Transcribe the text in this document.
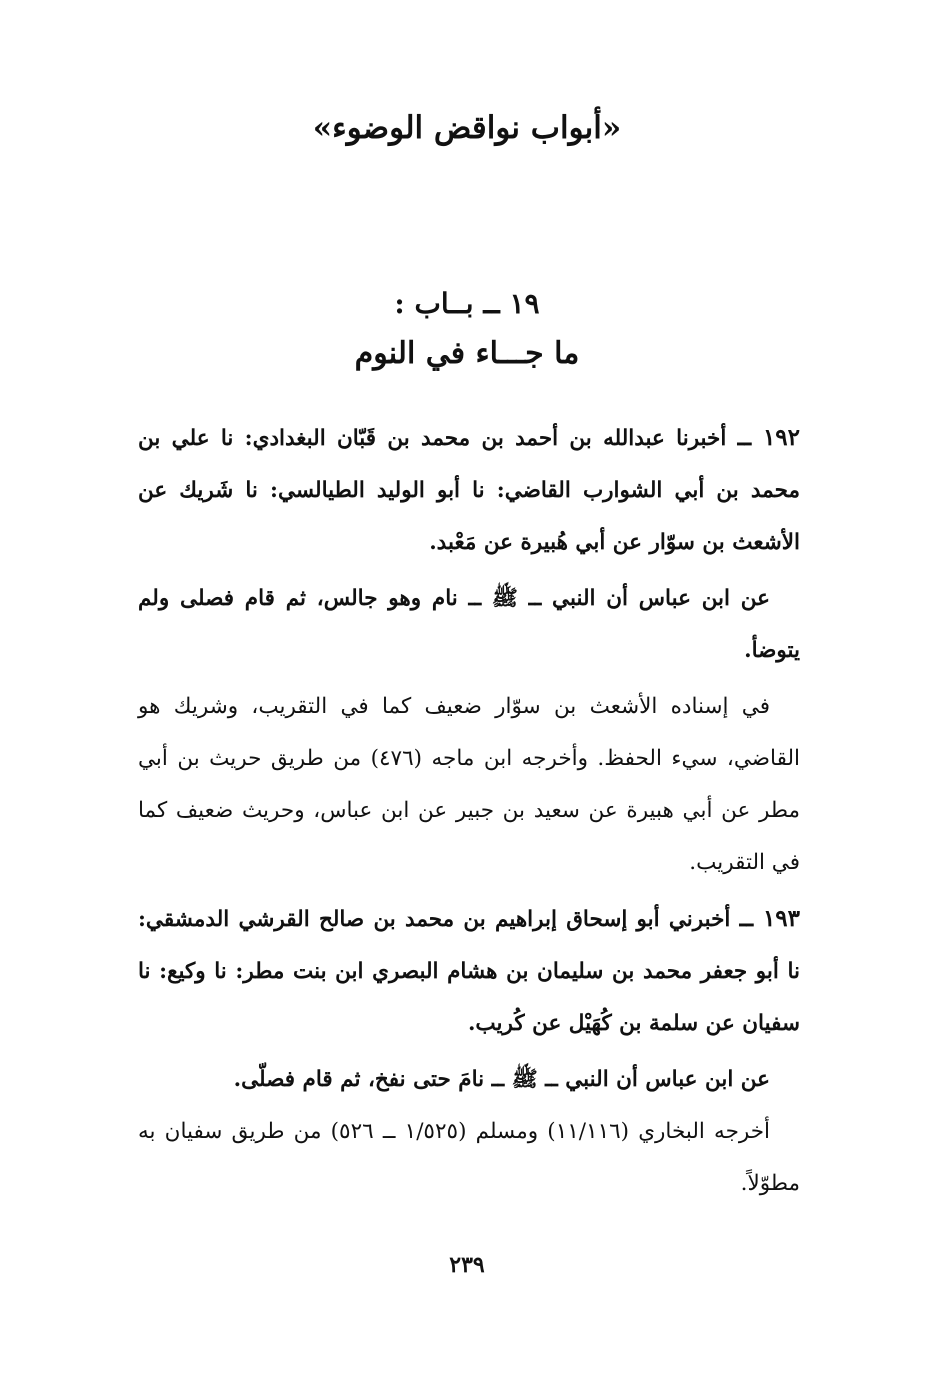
«أبواب نواقض الوضوء»
١٩ ــ بــاب :
ما جـــاء في النوم

١٩٢ ــ أخبرنا عبدالله بن أحمد بن محمد بن قَبّان البغدادي: نا علي بن محمد بن أبي الشوارب القاضي: نا أبو الوليد الطيالسي: نا شَريك عن الأشعث بن سوّار عن أبي هُبيرة عن مَعْبد.

عن ابن عباس أن النبي ــ ﷺ ــ نام وهو جالس، ثم قام فصلى ولم يتوضأ.

في إسناده الأشعث بن سوّار ضعيف كما في التقريب، وشريك هو القاضي، سيء الحفظ. وأخرجه ابن ماجه (٤٧٦) من طريق حريث بن أبي مطر عن أبي هبيرة عن سعيد بن جبير عن ابن عباس، وحريث ضعيف كما في التقريب.

١٩٣ ــ أخبرني أبو إسحاق إبراهيم بن محمد بن صالح القرشي الدمشقي: نا أبو جعفر محمد بن سليمان بن هشام البصري ابن بنت مطر: نا وكيع: نا سفيان عن سلمة بن كُهَيْل عن كُريب.

عن ابن عباس أن النبي ــ ﷺ ــ نامَ حتى نفخ، ثم قام فصلّى.

أخرجه البخاري (١١/١١٦) ومسلم (١/٥٢٥ ــ ٥٢٦) من طريق سفيان به مطوّلاً.

٢٣٩
